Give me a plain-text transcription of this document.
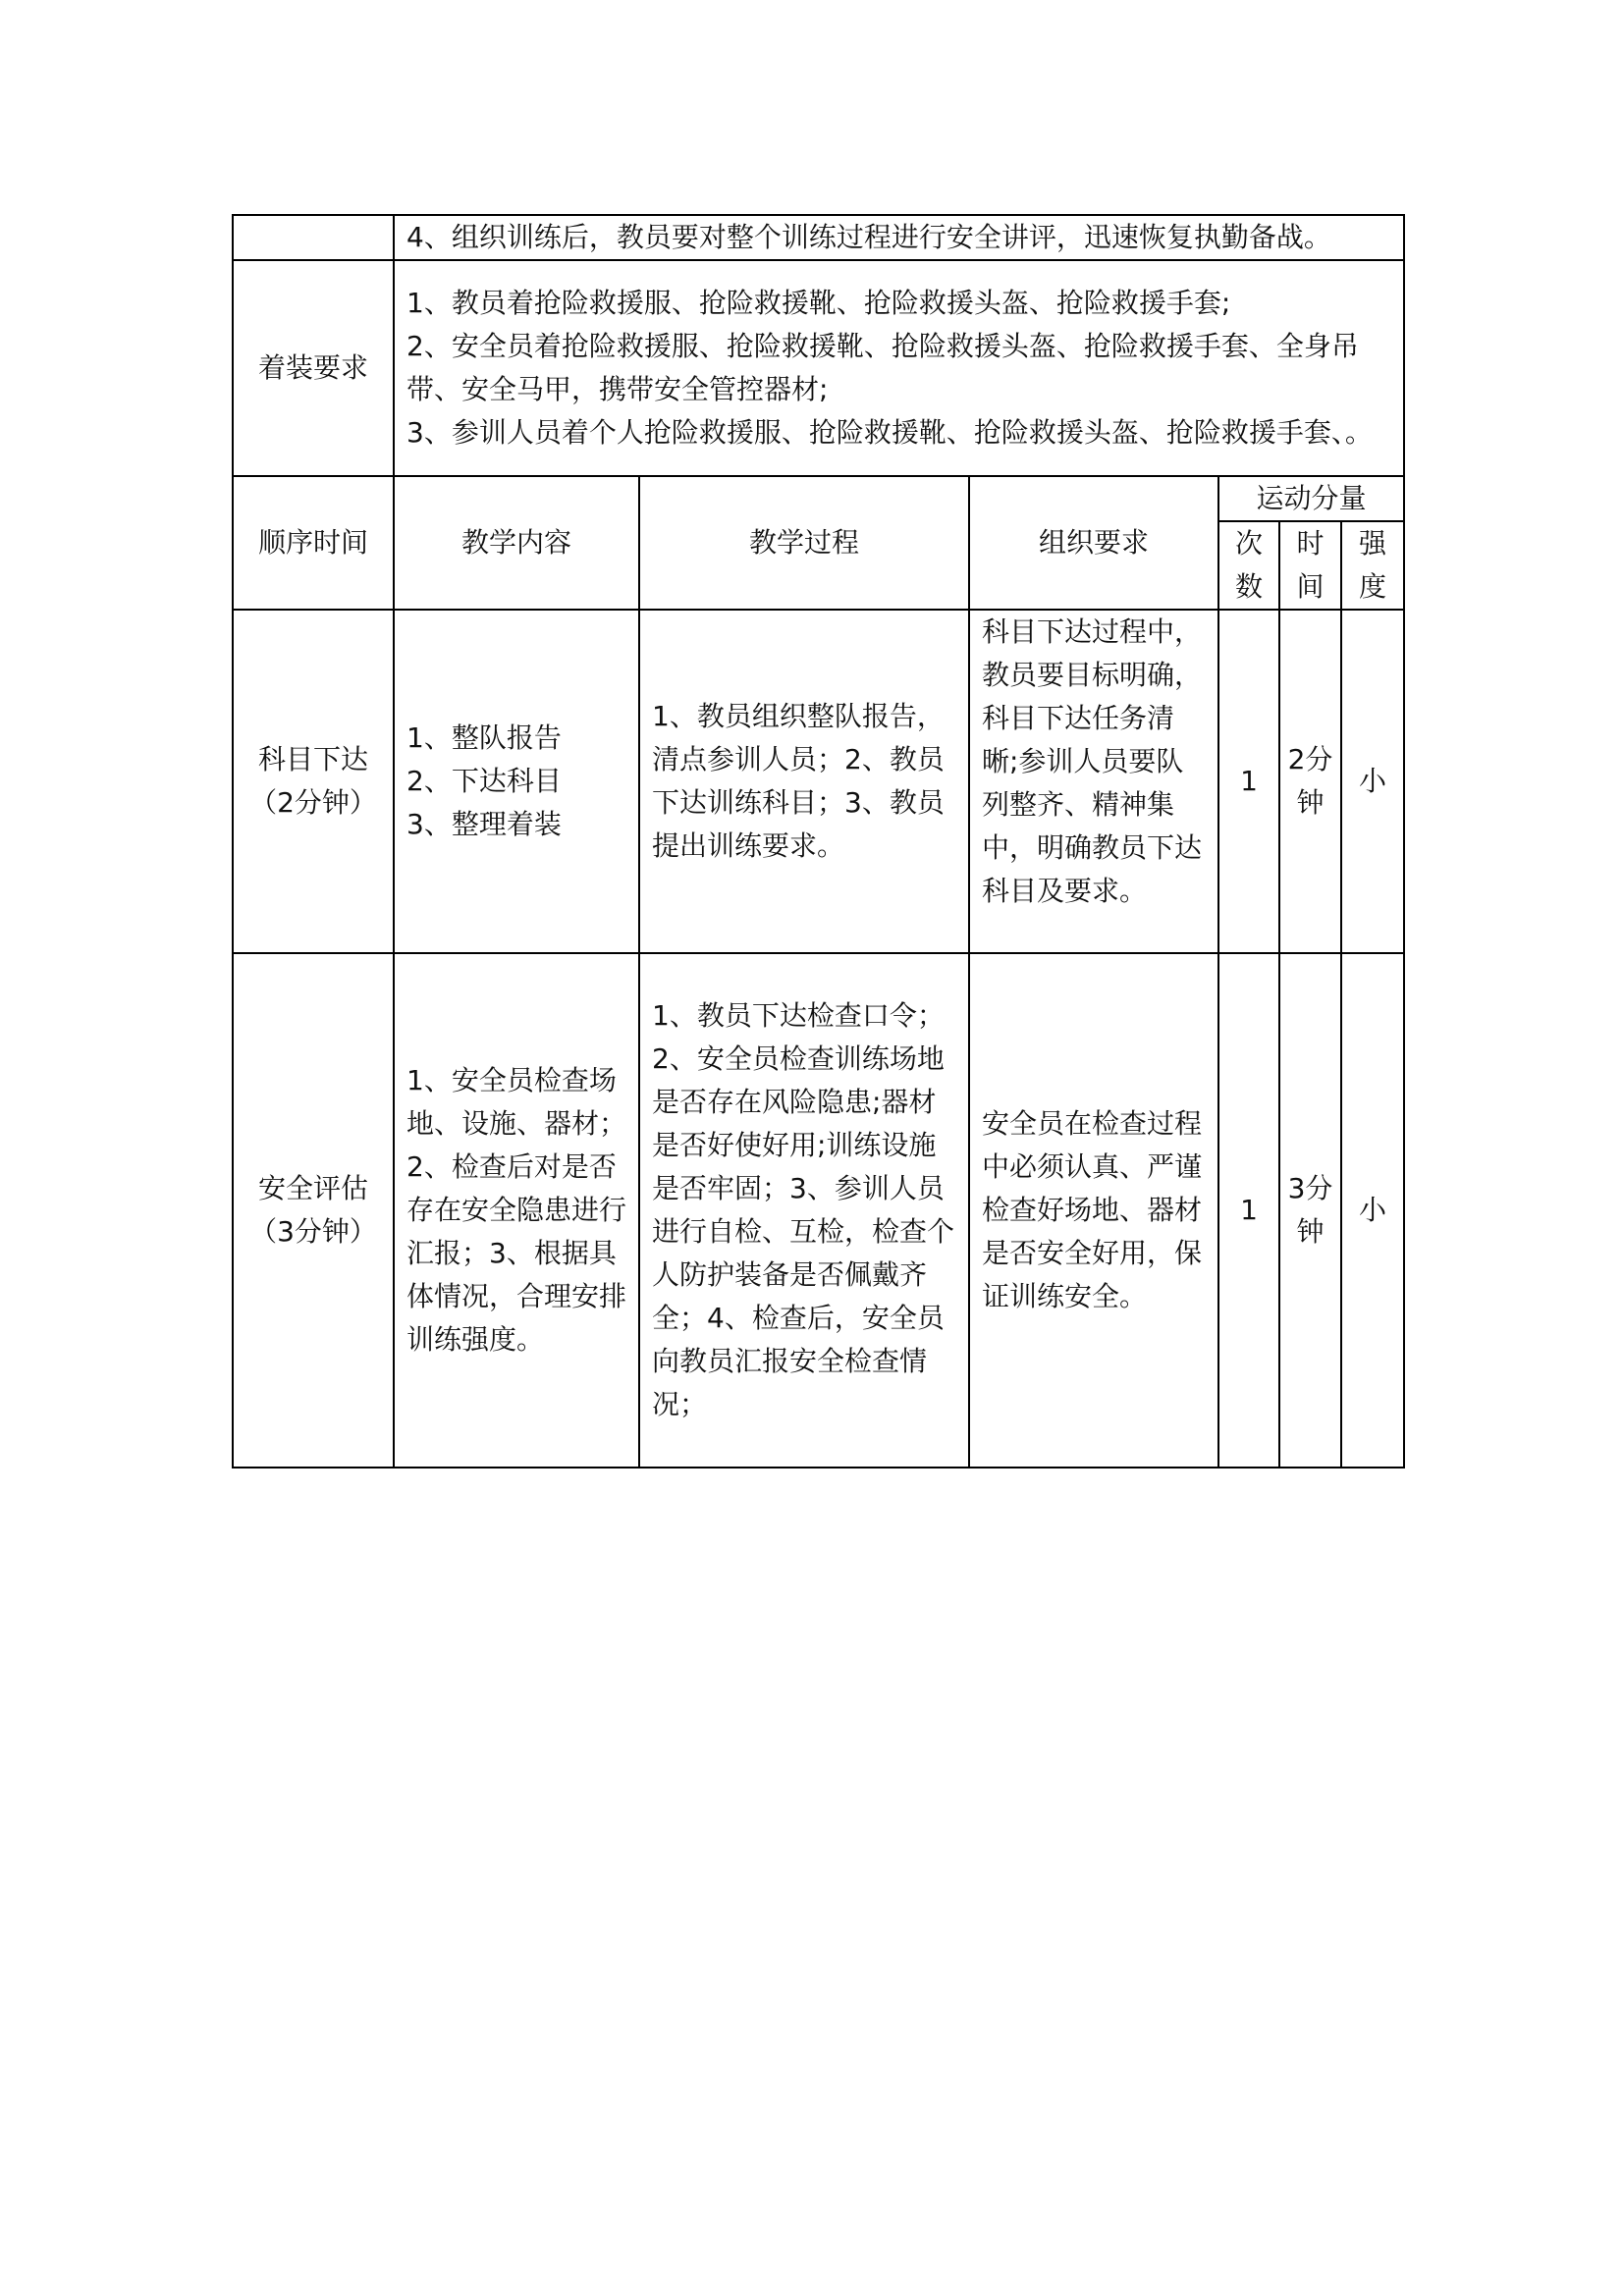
	4、组织训练后，教员要对整个训练过程进行安全讲评，迅速恢复执勤备战。					
着装要求	1、教员着抢险救援服、抢险救援靴、抢险救援头盔、抢险救援手套;
2、安全员着抢险救援服、抢险救援靴、抢险救援头盔、抢险救援手套、全身吊带、安全马甲，携带安全管控器材;
3、参训人员着个人抢险救援服、抢险救援靴、抢险救援头盔、抢险救援手套、。					

顺序时间	教学内容	教学过程	组织要求	运动分量		
				次数	时间	强度
科目下达（2分钟）	1、整队报告
2、下达科目
3、整理着装	1、教员组织整队报告，清点参训人员；2、教员下达训练科目；3、教员提出训练要求。	科目下达过程中，教员要目标明确，科目下达任务清晰;参训人员要队列整齐、精神集中，明确教员下达科目及要求。	1	2分钟	小
安全评估（3分钟）	1、安全员检查场地、设施、器材；2、检查后对是否存在安全隐患进行汇报；3、根据具体情况，合理安排训练强度。	1、教员下达检查口令；2、安全员检查训练场地是否存在风险隐患;器材是否好使好用;训练设施是否牢固；3、参训人员进行自检、互检，检查个人防护装备是否佩戴齐全；4、检查后，安全员向教员汇报安全检查情况；	安全员在检查过程中必须认真、严谨检查好场地、器材是否安全好用，保证训练安全。	1	3分钟	小
